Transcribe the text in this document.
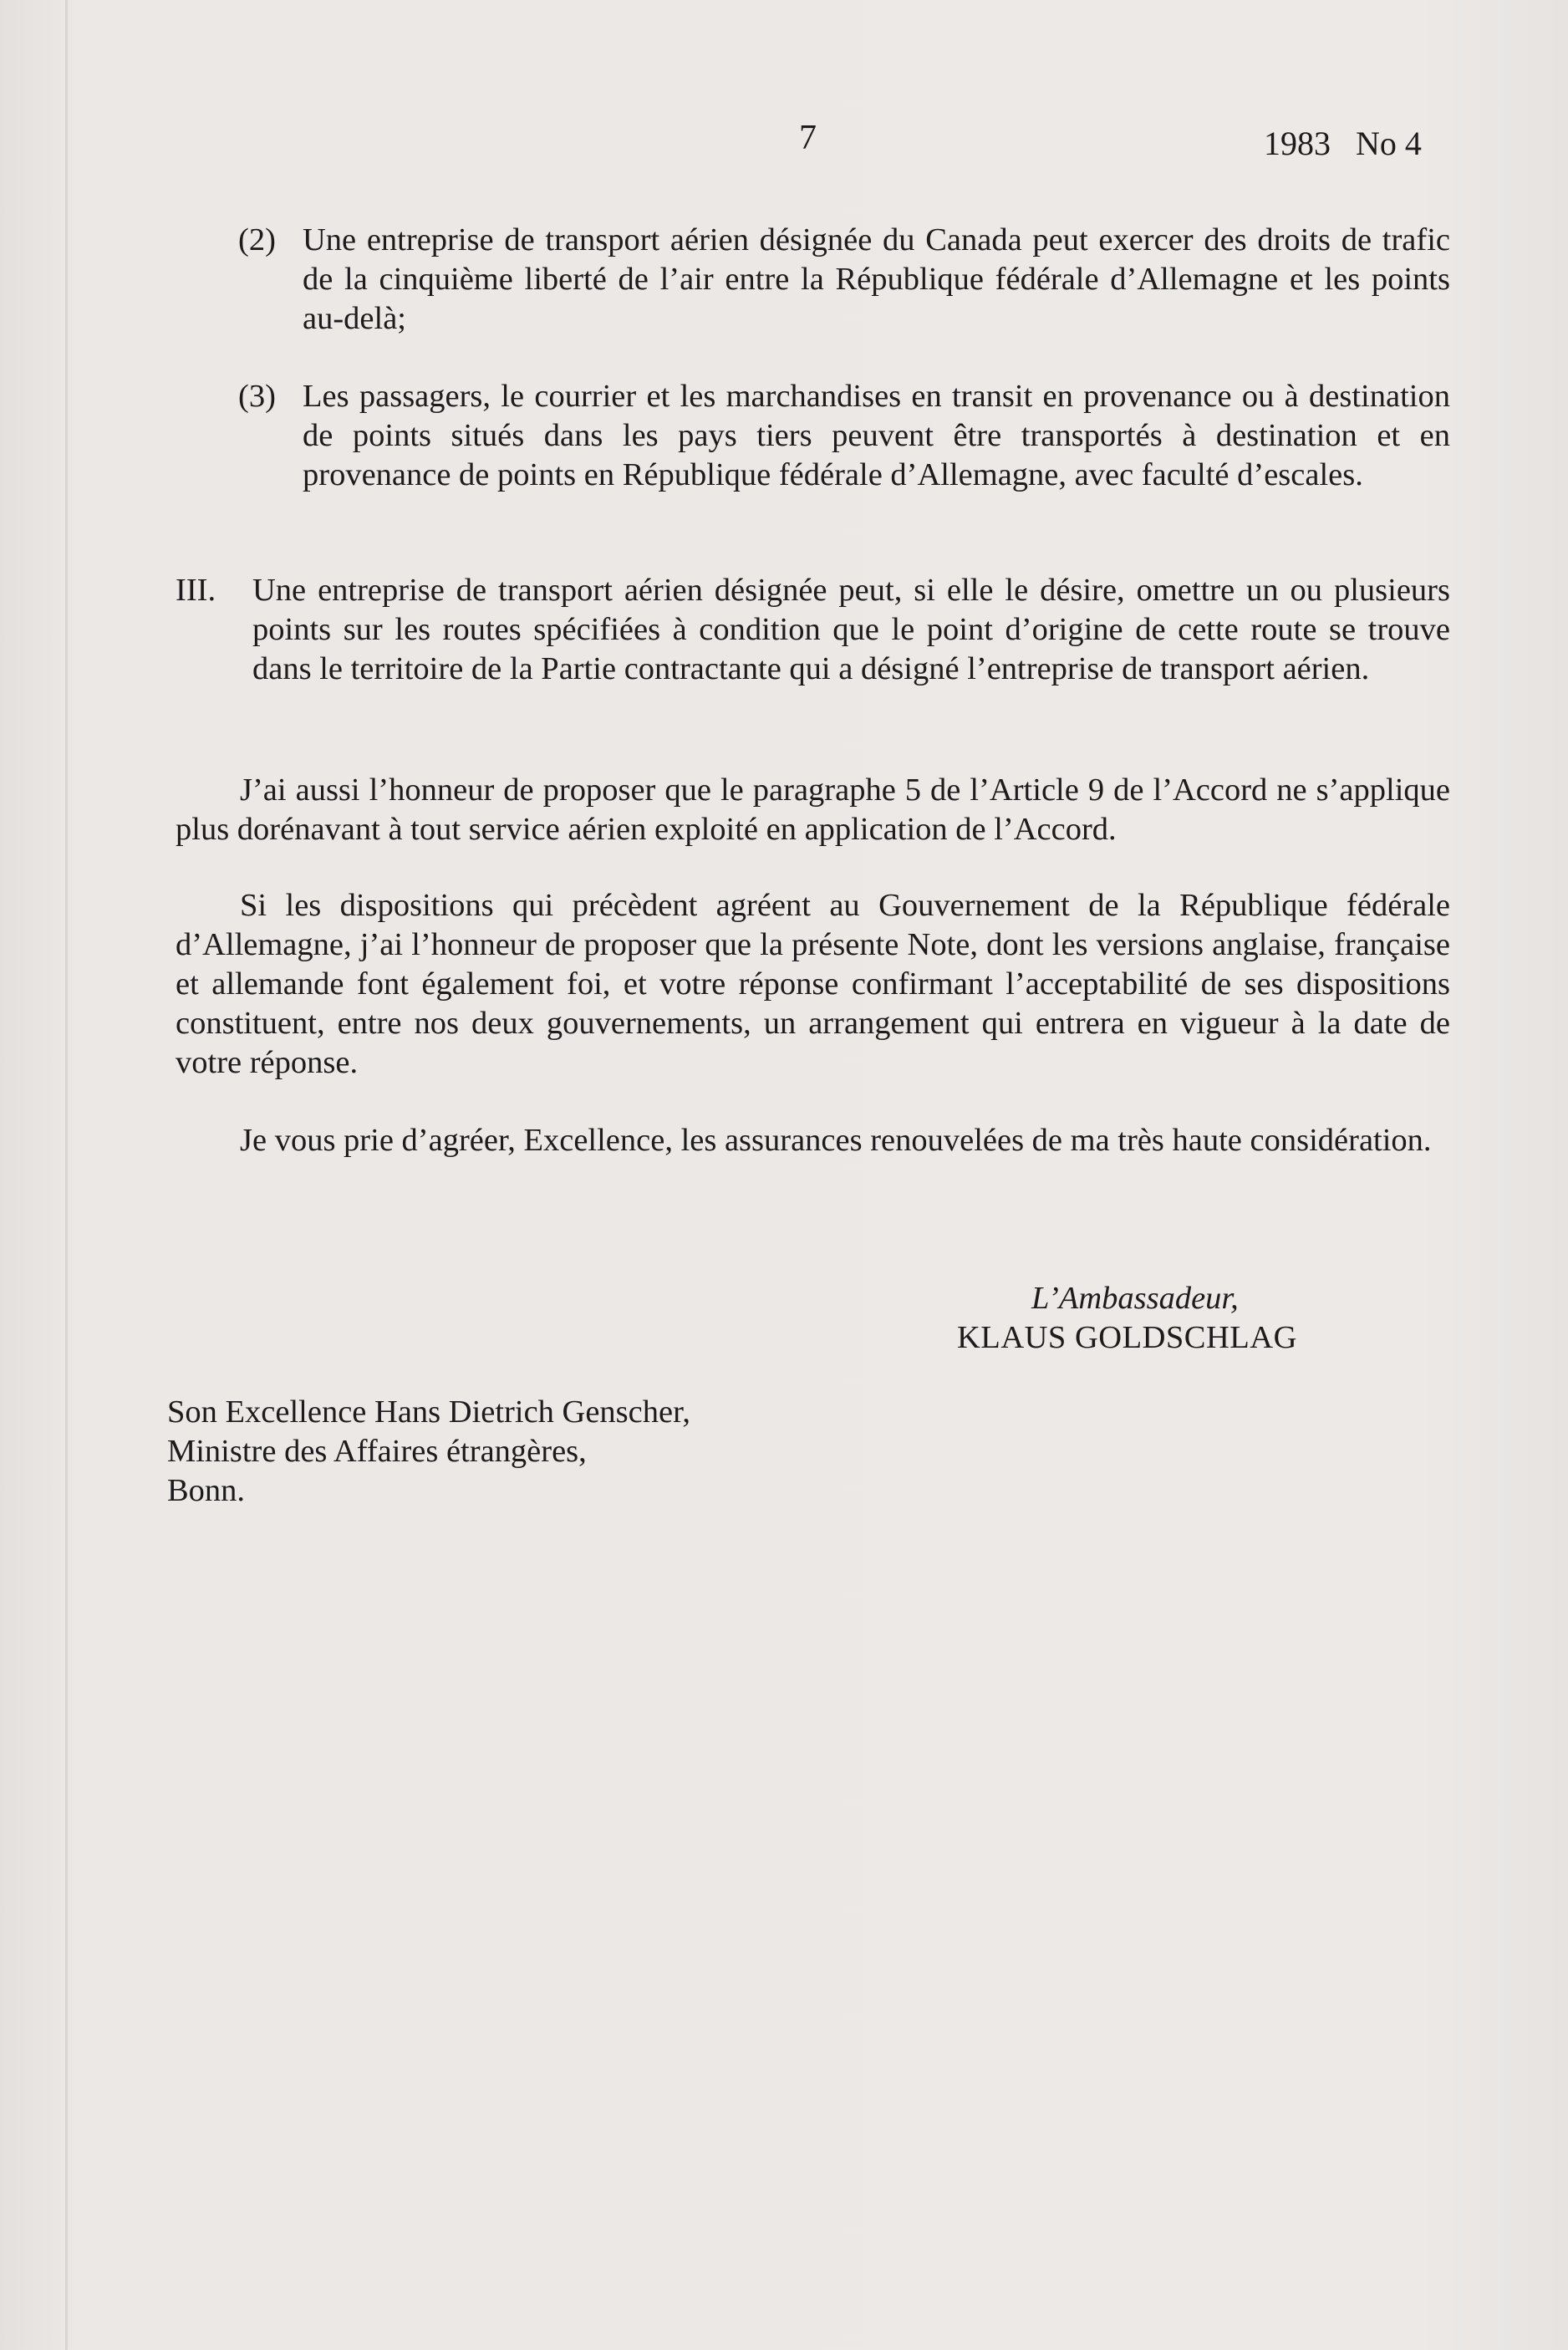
7	1983 No 4
(2) Une entreprise de transport aérien désignée du Canada peut exercer des droits de trafic de la cinquième liberté de l’air entre la République fédérale d’Allemagne et les points au-delà;
(3) Les passagers, le courrier et les marchandises en transit en provenance ou à destination de points situés dans les pays tiers peuvent être transportés à destination et en provenance de points en République fédérale d’Allemagne, avec faculté d’escales.
III. Une entreprise de transport aérien désignée peut, si elle le désire, omettre un ou plusieurs points sur les routes spécifiées à condition que le point d’origine de cette route se trouve dans le territoire de la Partie contractante qui a désigné l’entreprise de transport aérien.
J’ai aussi l’honneur de proposer que le paragraphe 5 de l’Article 9 de l’Accord ne s’applique plus dorénavant à tout service aérien exploité en application de l’Accord.
Si les dispositions qui précèdent agréent au Gouvernement de la République fédérale d’Allemagne, j’ai l’honneur de proposer que la présente Note, dont les versions anglaise, française et allemande font également foi, et votre réponse confirmant l’acceptabilité de ses dispositions constituent, entre nos deux gouvernements, un arrangement qui entrera en vigueur à la date de votre réponse.
Je vous prie d’agréer, Excellence, les assurances renouvelées de ma très haute considération.
L’Ambassadeur,
KLAUS GOLDSCHLAG
Son Excellence Hans Dietrich Genscher,
Ministre des Affaires étrangères,
Bonn.
